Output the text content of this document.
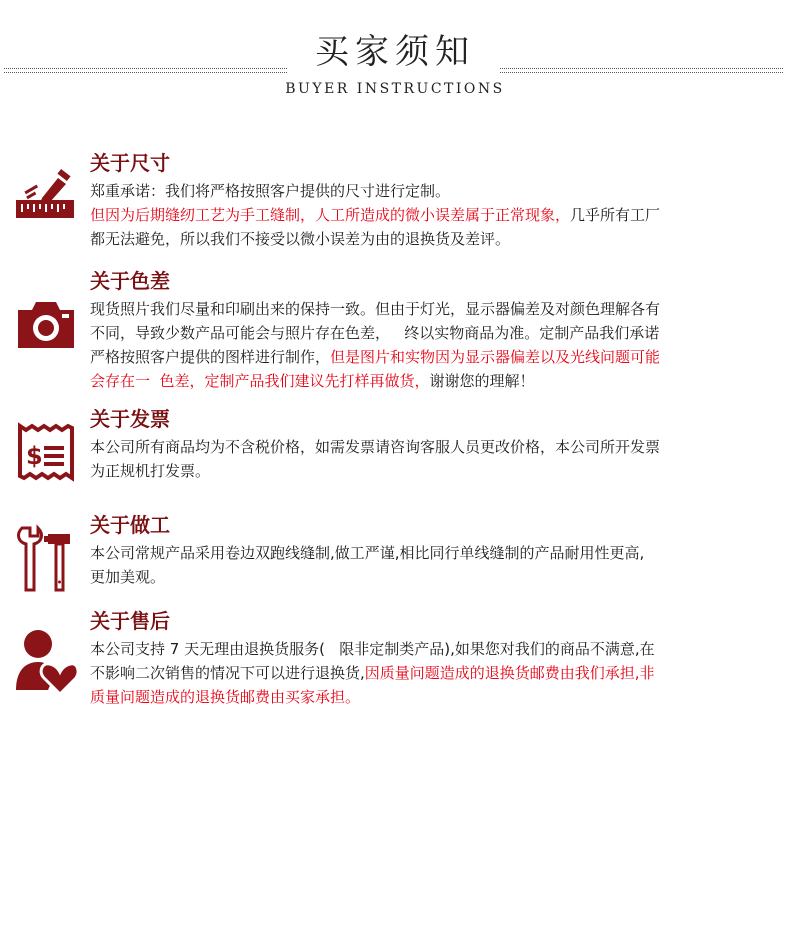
买家须知
BUYER INSTRUCTIONS
关于尺寸
郑重承诺：我们将严格按照客户提供的尺寸进行定制。
但因为后期缝纫工艺为手工缝制，人工所造成的微小误差属于正常现象，几乎所有工厂
都无法避免，所以我们不接受以微小误差为由的退换货及差评。
关于色差
现货照片我们尽量和印刷出来的保持一致。但由于灯光，显示器偏差及对颜色理解各有
不同，导致少数产品可能会与照片存在色差，   终以实物商品为准。定制产品我们承诺
严格按照客户提供的图样进行制作，但是图片和实物因为显示器偏差以及光线问题可能
会存在一  色差，定制产品我们建议先打样再做货，谢谢您的理解！
$
关于发票
本公司所有商品均为不含税价格，如需发票请咨询客服人员更改价格，本公司所开发票
为正规机打发票。
关于做工
本公司常规产品采用卷边双跑线缝制,做工严谨,相比同行单线缝制的产品耐用性更高,
更加美观。
关于售后
本公司支持 7 天无理由退换货服务(   限非定制类产品),如果您对我们的商品不满意,在
不影响二次销售的情况下可以进行退换货,因质量问题造成的退换货邮费由我们承担,非
质量问题造成的退换货邮费由买家承担。
